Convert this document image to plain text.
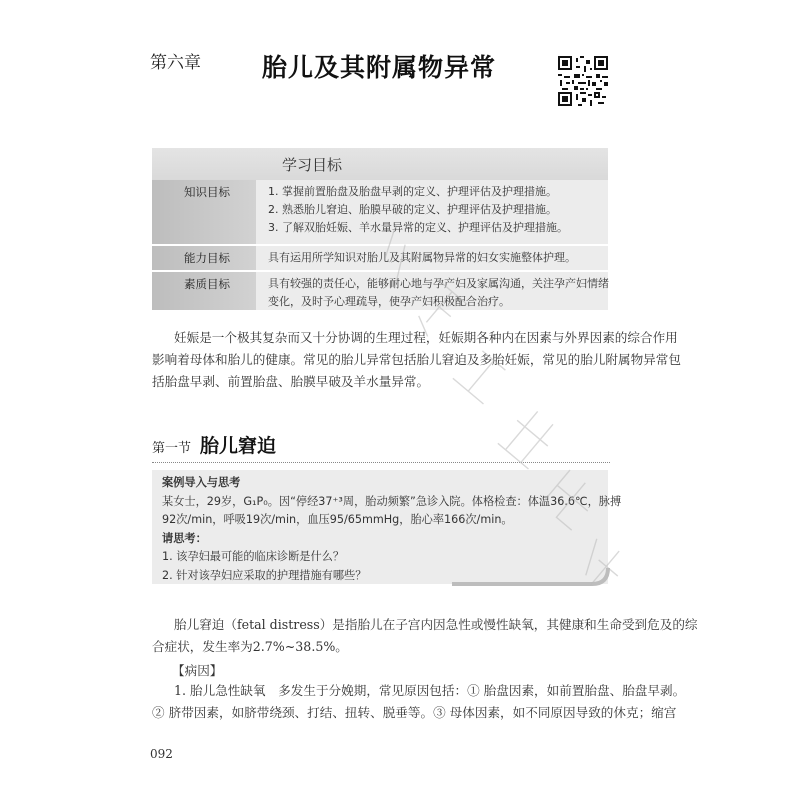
第六章 胎儿及其附属物异常
学习目标
知识目标	1. 掌握前置胎盘及胎盘早剥的定义、护理评估及护理措施。
2. 熟悉胎儿窘迫、胎膜早破的定义、护理评估及护理措施。
3. 了解双胎妊娠、羊水量异常的定义、护理评估及护理措施。
能力目标	具有运用所学知识对胎儿及其附属物异常的妇女实施整体护理。
素质目标	具有较强的责任心，能够耐心地与孕产妇及家属沟通，关注孕产妇情绪
变化，及时予心理疏导，使孕产妇积极配合治疗。
妊娠是一个极其复杂而又十分协调的生理过程，妊娠期各种内在因素与外界因素的综合作用
影响着母体和胎儿的健康。常见的胎儿异常包括胎儿窘迫及多胎妊娠，常见的胎儿附属物异常包
括胎盘早剥、前置胎盘、胎膜早破及羊水量异常。
第一节 胎儿窘迫
案例导入与思考
某女士，29岁，G₁P₀。因“停经37⁺³周，胎动频繁”急诊入院。体格检查：体温36.6℃，脉搏
92次/min，呼吸19次/min，血压95/65mmHg，胎心率166次/min。
请思考：
1. 该孕妇最可能的临床诊断是什么？
2. 针对该孕妇应采取的护理措施有哪些？
胎儿窘迫（fetal distress）是指胎儿在子宫内因急性或慢性缺氧，其健康和生命受到危及的综
合症状，发生率为2.7%~38.5%。
【病因】
1. 胎儿急性缺氧　多发生于分娩期，常见原因包括：① 胎盘因素，如前置胎盘、胎盘早剥。
② 脐带因素，如脐带绕颈、打结、扭转、脱垂等。③ 母体因素，如不同原因导致的休克；缩宫
092
